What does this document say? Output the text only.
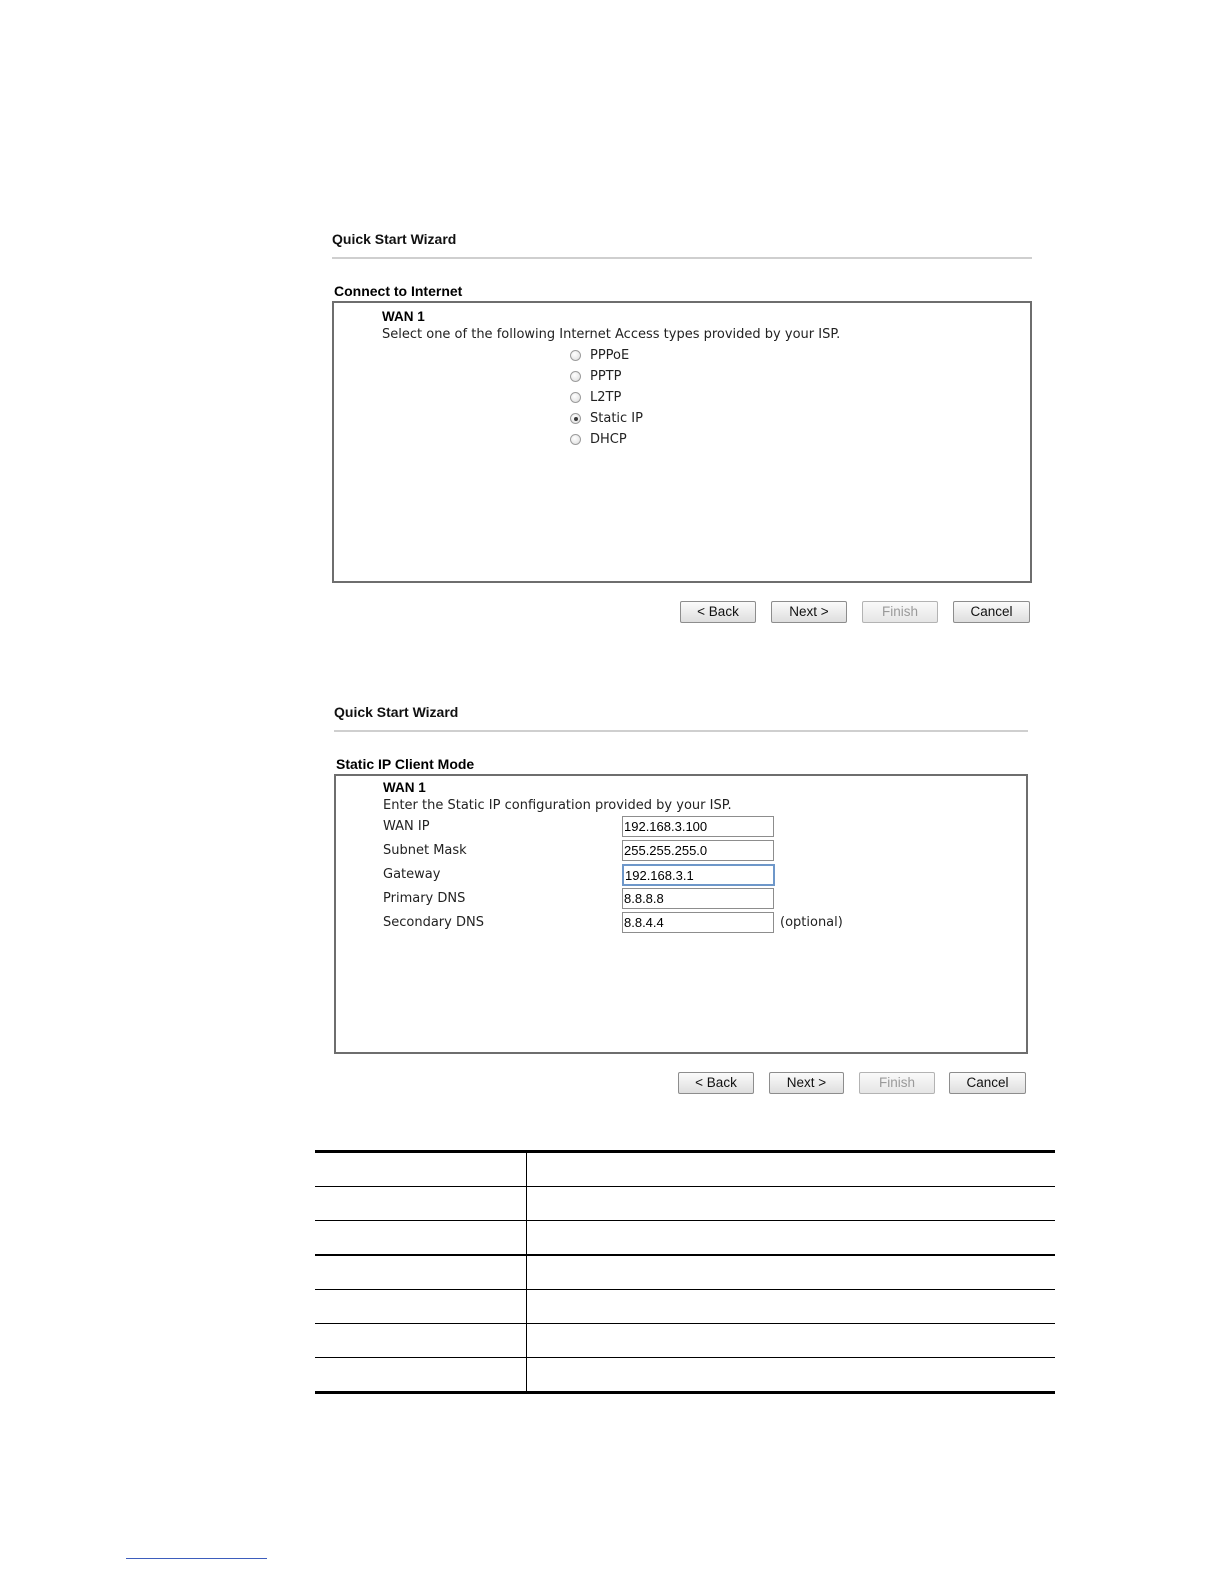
Quick Start Wizard
Connect to Internet
WAN 1
Select one of the following Internet Access types provided by your ISP.
PPPoE
PPTP
L2TP
Static IP
DHCP
< Back	Next >	Finish	Cancel
Quick Start Wizard
Static IP Client Mode
WAN 1
Enter the Static IP configuration provided by your ISP.
WAN IP
192.168.3.100
Subnet Mask
255.255.255.0
Gateway
192.168.3.1
Primary DNS
8.8.8.8
Secondary DNS
8.8.4.4	(optional)
< Back	Next >	Finish	Cancel
